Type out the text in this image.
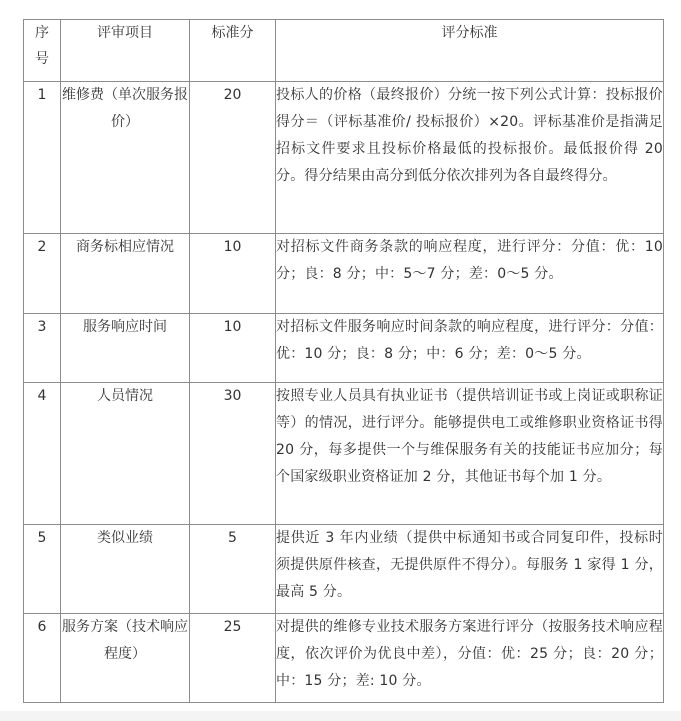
序号	评审项目	标准分	评分标准
1	维修费（单次服务报价）	20	投标人的价格（最终报价）分统一按下列公式计算：投标报价得分＝（评标基准价/ 投标报价）×20。评标基准价是指满足招标文件要求且投标价格最低的投标报价。最低报价得 20 分。得分结果由高分到低分依次排列为各自最终得分。
2	商务标相应情况	10	对招标文件商务条款的响应程度，进行评分：分值：优：10 分；良：8 分；中：5～7 分；差：0～5 分。
3	服务响应时间	10	对招标文件服务响应时间条款的响应程度，进行评分：分值：优：10 分；良：8 分；中：6 分；差：0～5 分。
4	人员情况	30	按照专业人员具有执业证书（提供培训证书或上岗证或职称证等）的情况，进行评分。能够提供电工或维修职业资格证书得 20 分，每多提供一个与维保服务有关的技能证书应加分；每个国家级职业资格证加 2 分，其他证书每个加 1 分。
5	类似业绩	5	提供近 3 年内业绩（提供中标通知书或合同复印件，投标时须提供原件核查，无提供原件不得分）。每服务 1 家得 1 分，最高 5 分。
6	服务方案（技术响应程度）	25	对提供的维修专业技术服务方案进行评分（按服务技术响应程度，依次评价为优良中差），分值：优：25 分；良：20 分；中：15 分；差: 10 分。
